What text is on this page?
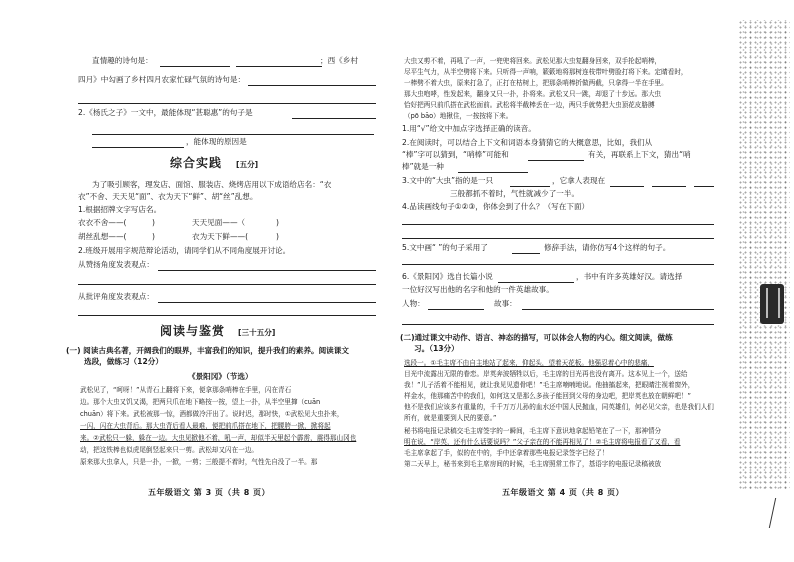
直情趣的诗句是：	；西《乡村
四月》中勾画了乡村四月农家忙碌气氛的诗句是：
2.《杨氏之子》一文中，最能体现“甚聪惠”的句子是
，能体现的原因是
综合实践 [五分]
为了吸引顾客，理发店、面馆、服装店、烧烤店用以下成语给店名：“衣
衣”不舍、天天见“面”、衣为天下“鲜”、胡“丝”乱想。
1.根据招牌文字写店名。
衣衣不舍——(	)	天天见面——（	)
胡丝乱想——(	)	衣为天下鲜——(	)
2.班级开展用字规范辩论活动，请同学们从不同角度展开讨论。
从赞扬角度发表观点：
从批评角度发表观点：
阅读与鉴赏 [三十五分]
(一) 阅读古典名著，开阔我们的眼界，丰富我们的知识，提升我们的素养。阅读课文
选段，做练习（12分）
《景阳冈》（节选）
武松见了，“呵呀！”从青石上翻将下来，便拿那条哨棒在手里，闪在青石
边。那个大虫又饥又渴，把两只爪在地下略按一按，望上一扑，从半空里撺（cuān
chuān）将下来。武松被那一惊，酒都做冷汗出了。说时迟，那时快，①武松见大虫扑来，
一闪，闪在大虫背后。那大虫背后看人最难，便把前爪搭在地下，把腰胯一掀，掀将起
来。②武松只一躲，躲在一边。大虫见掀他不着，吼一声，却似半天里起个霹雳，震得那山冈也
动，把这铁棒也似虎尾倒竖起来只一剪。武松却又闪在一边。
原来那大虫拿人，只是一扑，一掀，一剪；三般提不着时，气性先自没了一半。那
五年级语文 第 3 页（共 8 页）
大虫又剪不着，再吼了一声，一兜兜将回来。武松见那大虫复翻身回来，双手抡起哨棒，
尽平生气力，从半空劈将下来。只听得一声响，簌簌地将那树连枝带叶劈脸打将下来。定睛看时，
一棒劈不着大虫，原来打急了，正打在枯树上，把那条哨棒折做两截，只拿得一半在手里。
那大虫咆哮，性发起来，翻身又只一扑，扑将来。武松又只一跳，却退了十步远。那大虫
恰好把两只前爪搭在武松面前。武松将半截棒丢在一边，两只手就势把大虫顶花皮胳膊
（pō bāo）地揪住，一按按将下来。
1.用“√”给文中加点字选择正确的读音。
2.在阅读时，可以结合上下文和词语本身猜猜它的大概意思，比如，我们从
“棒”字可以猜到，“哨棒”可能和	有关，再联系上下文，猜出“哨
棒”就是一种
3.文中的“大虫”指的是一只	，它拿人表现在
三般都抓不着时，气性就减少了一半。
4.品读画线句子①②③，你体会到了什么？（写在下面）
5.文中画“ ”的句子采用了	修辞手法，请你仿写4个这样的句子。
6.《景阳冈》选自长篇小说	，书中有许多英雄好汉。请选择
一位好汉写出他的名字和他的一件英雄故事。
人物：	故事：
(二)通过课文中动作、语言、神态的描写，可以体会人物的内心。细文阅读，做练
习。（13分）
选段一。①毛主席不由自主地站了起来，仰起头，望着天花板。他强忍着心中的悲痛，
目光中流露出无限的眷恋。岸英奔波牺牲以后，毛主席的目光再也没有离开。这本见上一个，送给
我！”儿子活着不能相见，就让我见见遗骨吧！”毛主席喃喃地说。他抽搐起来，把眼睛注视着窗外，
样金水，他那痛苦中的我们，如何这又是那么多孩子能回到父母的身边吧，把岸英也放在朝鲜吧！”
他不是我们应该多有重量的，千千万万儿孙的血水还中国人民抛血，同英雄们，何必见父亲，也是我们人们
所有，就是重要到人民的要意。”
秘书将电报记录稿交毛主席签字的一瞬间，毛主席下意识地拿起铅笔在了一下，那神情分
明在说，“岸英，还有什么话要说吗？”父子亲在的不能再相见了！②毛主席将电报看了又看，看
毛主席拿起了手，似的在中的，手中还拿着那些电报记录签字已经了！
第二天早上，秘书来到毛主席房间的时候，毛主席照常工作了，基语字的电报记录稿被放
五年级语文 第 4 页（共 8 页）
